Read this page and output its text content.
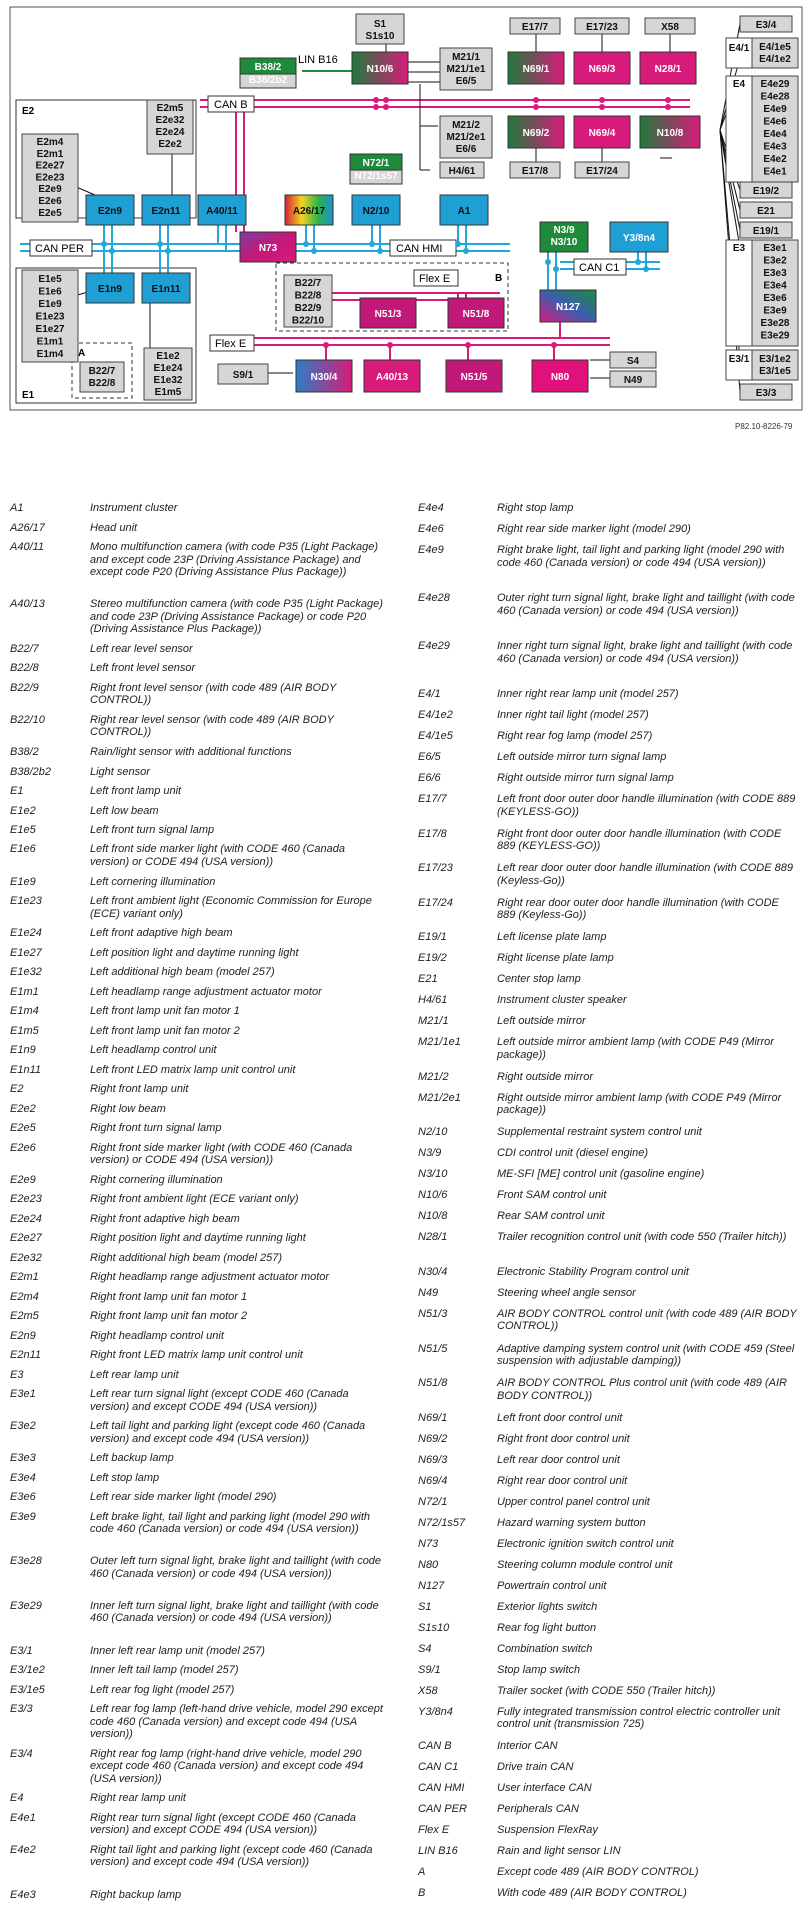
E2
E1
A
B
LIN B16
CAN B
CAN PER	CAN HMI
CAN C1
Flex E
Flex E
S1
S1s10
B38/2
B38/2b2
N10/6
M21/1
M21/1e1
E6/5
M21/2
M21/2e1
E6/6
N72/1
N72/1s57	H4/61
E17/7	E17/23	X58
N69/1	N69/3	N28/1
N69/2	N69/4	N10/8
E17/8	E17/24
E3/4
E4/1 E4/1e5
E4/1e2
E4 E4e29
E4e28
E4e9
E4e6
E4e4
E4e3
E4e2
E4e1
E19/2
E21
E19/1
E3 E3e1
E3e2
E3e3
E3e4
E3e6
E3e9
E3e28
E3e29
E3/1 E3/1e2
E3/1e5
E3/3
E2m5
E2e32
E2e24
E2e2
E2m4
E2m1
E2e27
E2e23
E2e9
E2e6
E2e5	E2n9	E2n11	A40/11	A26/17	N2/10	A1
N73
N3/9
N3/10	Y3/8n4
N127
E1n9	E1n11
E1e5
E1e6
E1e9
E1e23
E1e27
E1m1
E1m4	E1e2
E1e24
E1e32
E1m5
B22/7
B22/8
B22/7
B22/8
B22/9
B22/10
N51/3	N51/8
S9/1	N30/4	A40/13	N51/5	N80
S4
N49
P82.10-8226-79
A1	Instrument cluster
A26/17	Head unit
A40/11	Mono multifunction camera (with code P35 (Light Package) and except code 23P (Driving Assistance Package) and except code P20 (Driving Assistance Plus Package))
A40/13	Stereo multifunction camera (with code P35 (Light Package) and code 23P (Driving Assistance Package) or code P20 (Driving Assistance Plus Package))
B22/7	Left rear level sensor
B22/8	Left front level sensor
B22/9	Right front level sensor (with code 489 (AIR BODY CONTROL))
B22/10	Right rear level sensor (with code 489 (AIR BODY CONTROL))
B38/2	Rain/light sensor with additional functions
B38/2b2	Light sensor
E1	Left front lamp unit
E1e2	Left low beam
E1e5	Left front turn signal lamp
E1e6	Left front side marker light (with CODE 460 (Canada version) or CODE 494 (USA version))
E1e9	Left cornering illumination
E1e23	Left front ambient light (Economic Commission for Europe (ECE) variant only)
E1e24	Left front adaptive high beam
E1e27	Left position light and daytime running light
E1e32	Left additional high beam (model 257)
E1m1	Left headlamp range adjustment actuator motor
E1m4	Left front lamp unit fan motor 1
E1m5	Left front lamp unit fan motor 2
E1n9	Left headlamp control unit
E1n11	Left front LED matrix lamp unit control unit
E2	Right front lamp unit
E2e2	Right low beam
E2e5	Right front turn signal lamp
E2e6	Right front side marker light (with CODE 460 (Canada version) or CODE 494 (USA version))
E2e9	Right cornering illumination
E2e23	Right front ambient light (ECE variant only)
E2e24	Right front adaptive high beam
E2e27	Right position light and daytime running light
E2e32	Right additional high beam (model 257)
E2m1	Right headlamp range adjustment actuator motor
E2m4	Right front lamp unit fan motor 1
E2m5	Right front lamp unit fan motor 2
E2n9	Right headlamp control unit
E2n11	Right front LED matrix lamp unit control unit
E3	Left rear lamp unit
E3e1	Left rear turn signal light (except CODE 460 (Canada version) and except CODE 494 (USA version))
E3e2	Left tail light and parking light (except code 460 (Canada version) and except code 494 (USA version))
E3e3	Left backup lamp
E3e4	Left stop lamp
E3e6	Left rear side marker light (model 290)
E3e9	Left brake light, tail light and parking light (model 290 with code 460 (Canada version) or code 494 (USA version))
E3e28	Outer left turn signal light, brake light and taillight (with code 460 (Canada version) or code 494 (USA version))
E3e29	Inner left turn signal light, brake light and taillight (with code 460 (Canada version) or code 494 (USA version))
E3/1	Inner left rear lamp unit (model 257)
E3/1e2	Inner left tail lamp (model 257)
E3/1e5	Left rear fog light (model 257)
E3/3	Left rear fog lamp (left-hand drive vehicle, model 290 except code 460 (Canada version) and except code 494 (USA version))
E3/4	Right rear fog lamp (right-hand drive vehicle, model 290 except code 460 (Canada version) and except code 494 (USA version))
E4	Right rear lamp unit
E4e1	Right rear turn signal light (except CODE 460 (Canada version) and except CODE 494 (USA version))
E4e2	Right tail light and parking light (except code 460 (Canada version) and except code 494 (USA version))
E4e3	Right backup lamp
E4e4	Right stop lamp
E4e6	Right rear side marker light (model 290)
E4e9	Right brake light, tail light and parking light (model 290 with code 460 (Canada version) or code 494 (USA version))
E4e28	Outer right turn signal light, brake light and taillight (with code 460 (Canada version) or code 494 (USA version))
E4e29	Inner right turn signal light, brake light and taillight (with code 460 (Canada version) or code 494 (USA version))
E4/1	Inner right rear lamp unit (model 257)
E4/1e2	Inner right tail light (model 257)
E4/1e5	Right rear fog lamp (model 257)
E6/5	Left outside mirror turn signal lamp
E6/6	Right outside mirror turn signal lamp
E17/7	Left front door outer door handle illumination (with CODE 889 (KEYLESS-GO))
E17/8	Right front door outer door handle illumination (with CODE 889 (KEYLESS-GO))
E17/23	Left rear door outer door handle illumination (with CODE 889 (Keyless-Go))
E17/24	Right rear door outer door handle illumination (with CODE 889 (Keyless-Go))
E19/1	Left license plate lamp
E19/2	Right license plate lamp
E21	Center stop lamp
H4/61	Instrument cluster speaker
M21/1	Left outside mirror
M21/1e1	Left outside mirror ambient lamp (with CODE P49 (Mirror package))
M21/2	Right outside mirror
M21/2e1	Right outside mirror ambient lamp (with CODE P49 (Mirror package))
N2/10	Supplemental restraint system control unit
N3/9	CDI control unit (diesel engine)
N3/10	ME-SFI [ME] control unit (gasoline engine)
N10/6	Front SAM control unit
N10/8	Rear SAM control unit
N28/1	Trailer recognition control unit (with code 550 (Trailer hitch))
N30/4	Electronic Stability Program control unit
N49	Steering wheel angle sensor
N51/3	AIR BODY CONTROL control unit (with code 489 (AIR BODY CONTROL))
N51/5	Adaptive damping system control unit (with CODE 459 (Steel suspension with adjustable damping))
N51/8	AIR BODY CONTROL Plus control unit (with code 489 (AIR BODY CONTROL))
N69/1	Left front door control unit
N69/2	Right front door control unit
N69/3	Left rear door control unit
N69/4	Right rear door control unit
N72/1	Upper control panel control unit
N72/1s57	Hazard warning system button
N73	Electronic ignition switch control unit
N80	Steering column module control unit
N127	Powertrain control unit
S1	Exterior lights switch
S1s10	Rear fog light button
S4	Combination switch
S9/1	Stop lamp switch
X58	Trailer socket (with CODE 550 (Trailer hitch))
Y3/8n4	Fully integrated transmission control electric controller unit control unit (transmission 725)
CAN B	Interior CAN
CAN C1	Drive train CAN
CAN HMI	User interface CAN
CAN PER	Peripherals CAN
Flex E	Suspension FlexRay
LIN B16	Rain and light sensor LIN
A	Except code 489 (AIR BODY CONTROL)
B	With code 489 (AIR BODY CONTROL)
